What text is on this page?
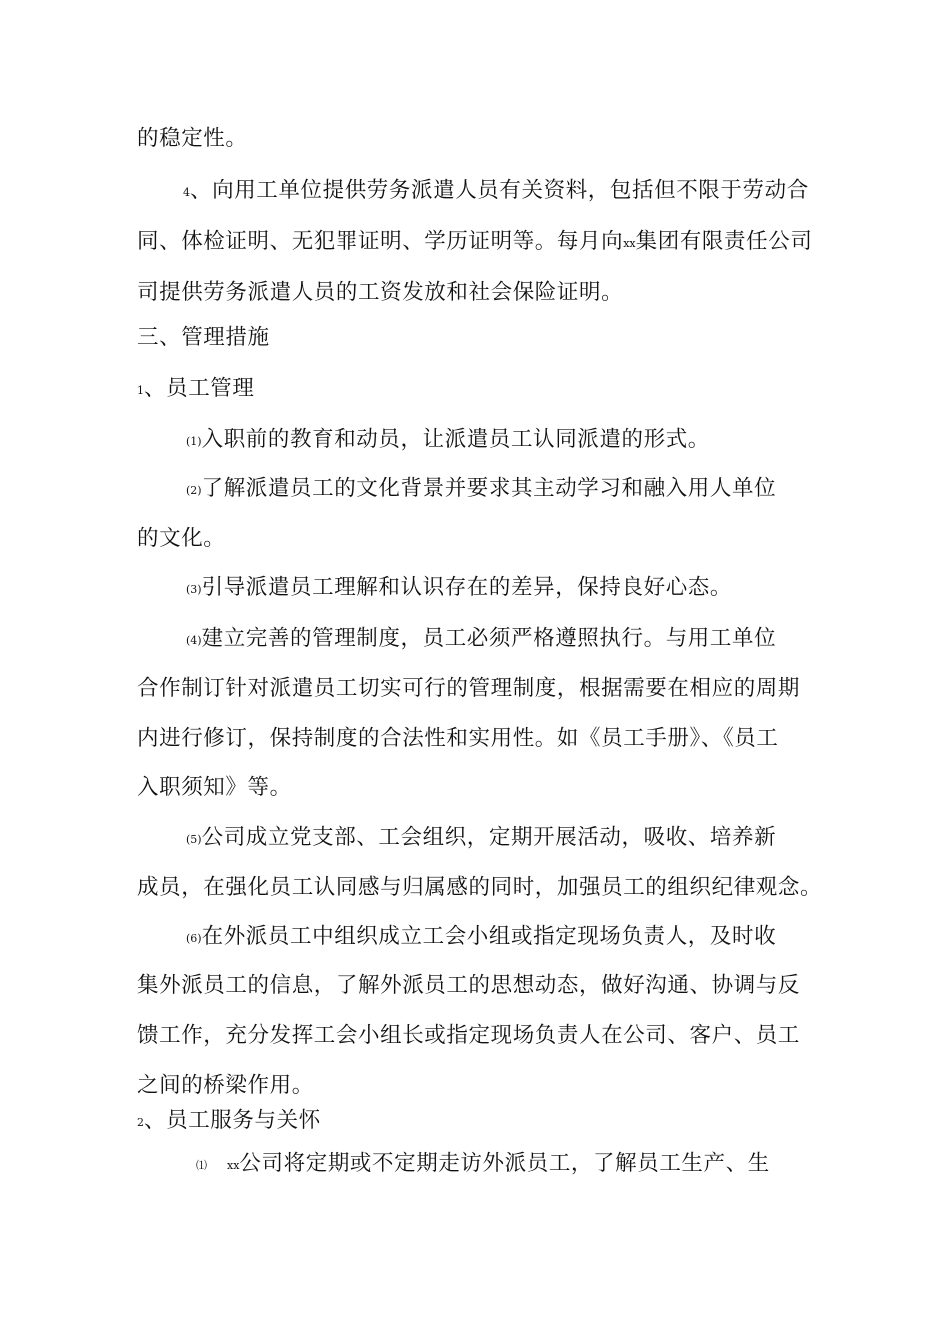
的稳定性。
4、向用工单位提供劳务派遣人员有关资料，包括但不限于劳动合
同、体检证明、无犯罪证明、学历证明等。每月向xx集团有限责任公司
司提供劳务派遣人员的工资发放和社会保险证明。
三、管理措施
1、员工管理
(1)入职前的教育和动员，让派遣员工认同派遣的形式。
(2)了解派遣员工的文化背景并要求其主动学习和融入用人单位
的文化。
(3)引导派遣员工理解和认识存在的差异，保持良好心态。
(4)建立完善的管理制度，员工必须严格遵照执行。与用工单位
合作制订针对派遣员工切实可行的管理制度，根据需要在相应的周期
内进行修订，保持制度的合法性和实用性。如《员工手册》、《员工
入职须知》等。
(5)公司成立党支部、工会组织，定期开展活动，吸收、培养新
成员，在强化员工认同感与归属感的同时，加强员工的组织纪律观念。
(6)在外派员工中组织成立工会小组或指定现场负责人，及时收
集外派员工的信息，了解外派员工的思想动态，做好沟通、协调与反
馈工作，充分发挥工会小组长或指定现场负责人在公司、客户、员工
之间的桥梁作用。
2、员工服务与关怀
⑴ xx公司将定期或不定期走访外派员工，了解员工生产、生
